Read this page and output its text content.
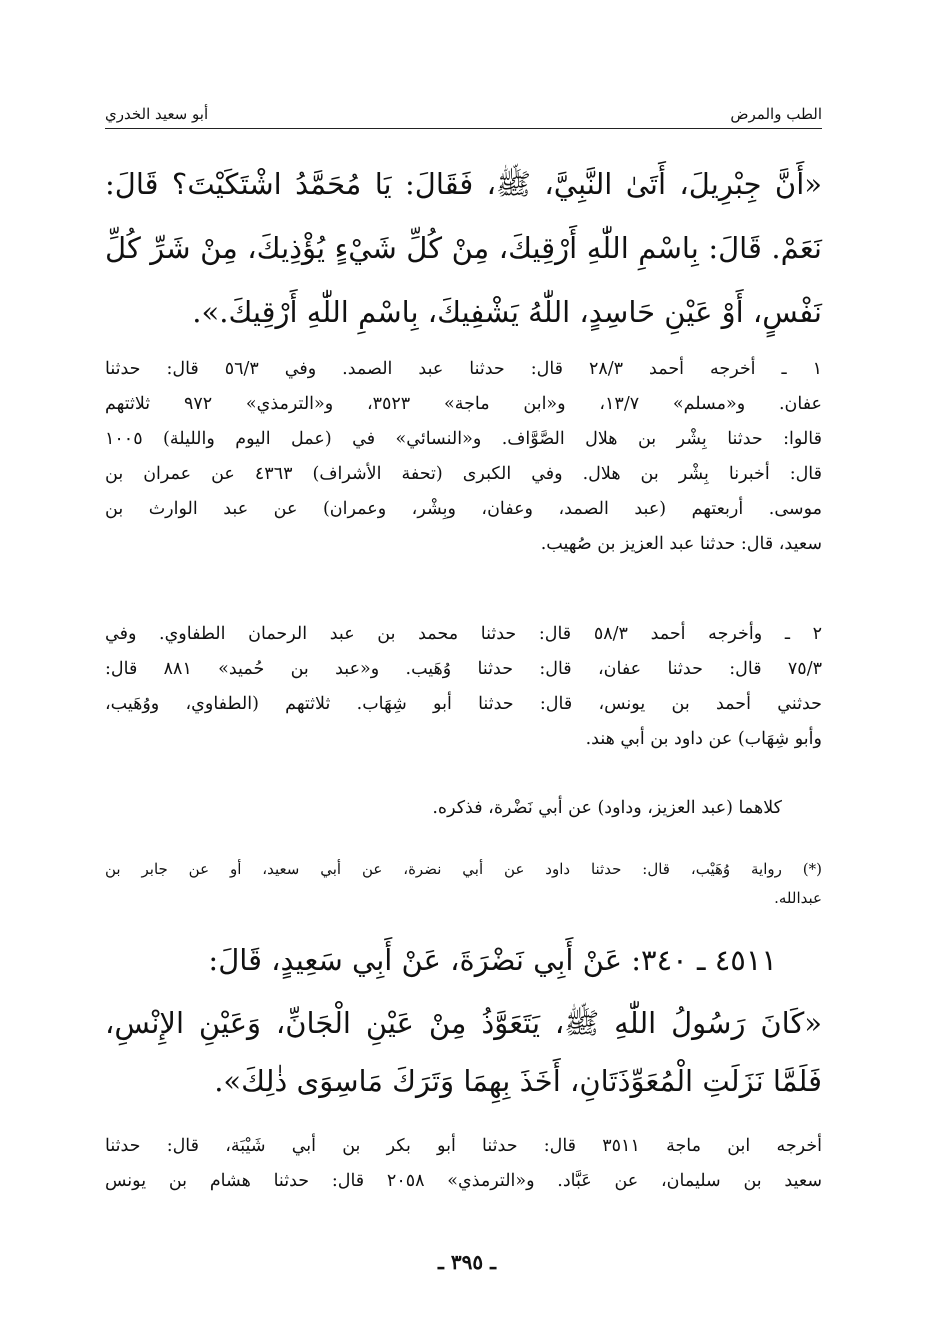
الطب والمرض
أبو سعيد الخدري
«أَنَّ جِبْرِيلَ، أَتَىٰ النَّبِيَّ، ﷺ، فَقَالَ: يَا مُحَمَّدُ اشْتَكَيْتَ؟ قَالَ:
نَعَمْ. قَالَ: بِاسْمِ اللّٰهِ أَرْقِيكَ، مِنْ كُلِّ شَيْءٍ يُؤْذِيكَ، مِنْ شَرِّ كُلِّ
نَفْسٍ، أَوْ عَيْنِ حَاسِدٍ، اللّٰهُ يَشْفِيكَ، بِاسْمِ اللّٰهِ أَرْقِيكَ.».
١ ـ أخرجه أحمد ٢٨/٣ قال: حدثنا عبد الصمد. وفي ٥٦/٣ قال: حدثنا
عفان. و«مسلم» ١٣/٧، و«ابن ماجة» ٣٥٢٣، و«الترمذي» ٩٧٢ ثلاثتهم
قالوا: حدثنا بِشْر بن هلال الصَّوَّاف. و«النسائي» في (عمل اليوم والليلة) ١٠٠٥
قال: أخبرنا بِشْر بن هلال. وفي الكبرى (تحفة الأشراف) ٤٣٦٣ عن عمران بن
موسى. أربعتهم (عبد الصمد، وعفان، وبِشْر، وعمران) عن عبد الوارث بن
سعيد، قال: حدثنا عبد العزيز بن صُهيب.
٢ ـ وأخرجه أحمد ٥٨/٣ قال: حدثنا محمد بن عبد الرحمان الطفاوي. وفي
٧٥/٣ قال: حدثنا عفان، قال: حدثنا وُهَيب. و«عبد بن حُميد» ٨٨١ قال:
حدثني أحمد بن يونس، قال: حدثنا أبو شِهَاب. ثلاثتهم (الطفاوي، ووُهَيب،
وأبو شِهَاب) عن داود بن أبي هند.
كلاهما (عبد العزيز، وداود) عن أبي نَضْرة، فذكره.
(*) رواية وُهَيْب، قال: حدثنا داود عن أبي نضرة، عن أبي سعيد، أو عن جابر بن
عبدالله.
٤٥١١ ـ ٣٤٠: عَنْ أَبِي نَضْرَةَ، عَنْ أَبِي سَعِيدٍ، قَالَ:
«كَانَ رَسُولُ اللّٰهِ ﷺ، يَتَعَوَّذُ مِنْ عَيْنِ الْجَانِّ، وَعَيْنِ الإِنْسِ،
فَلَمَّا نَزَلَتِ الْمُعَوِّذَتَانِ، أَخَذَ بِهِمَا وَتَرَكَ مَاسِوَى ذٰلِكَ».
أخرجه ابن ماجة ٣٥١١ قال: حدثنا أبو بكر بن أبي شَيْبَة، قال: حدثنا
سعيد بن سليمان، عن عَبَّاد. و«الترمذي» ٢٠٥٨ قال: حدثنا هشام بن يونس
ـ ٣٩٥ ـ
